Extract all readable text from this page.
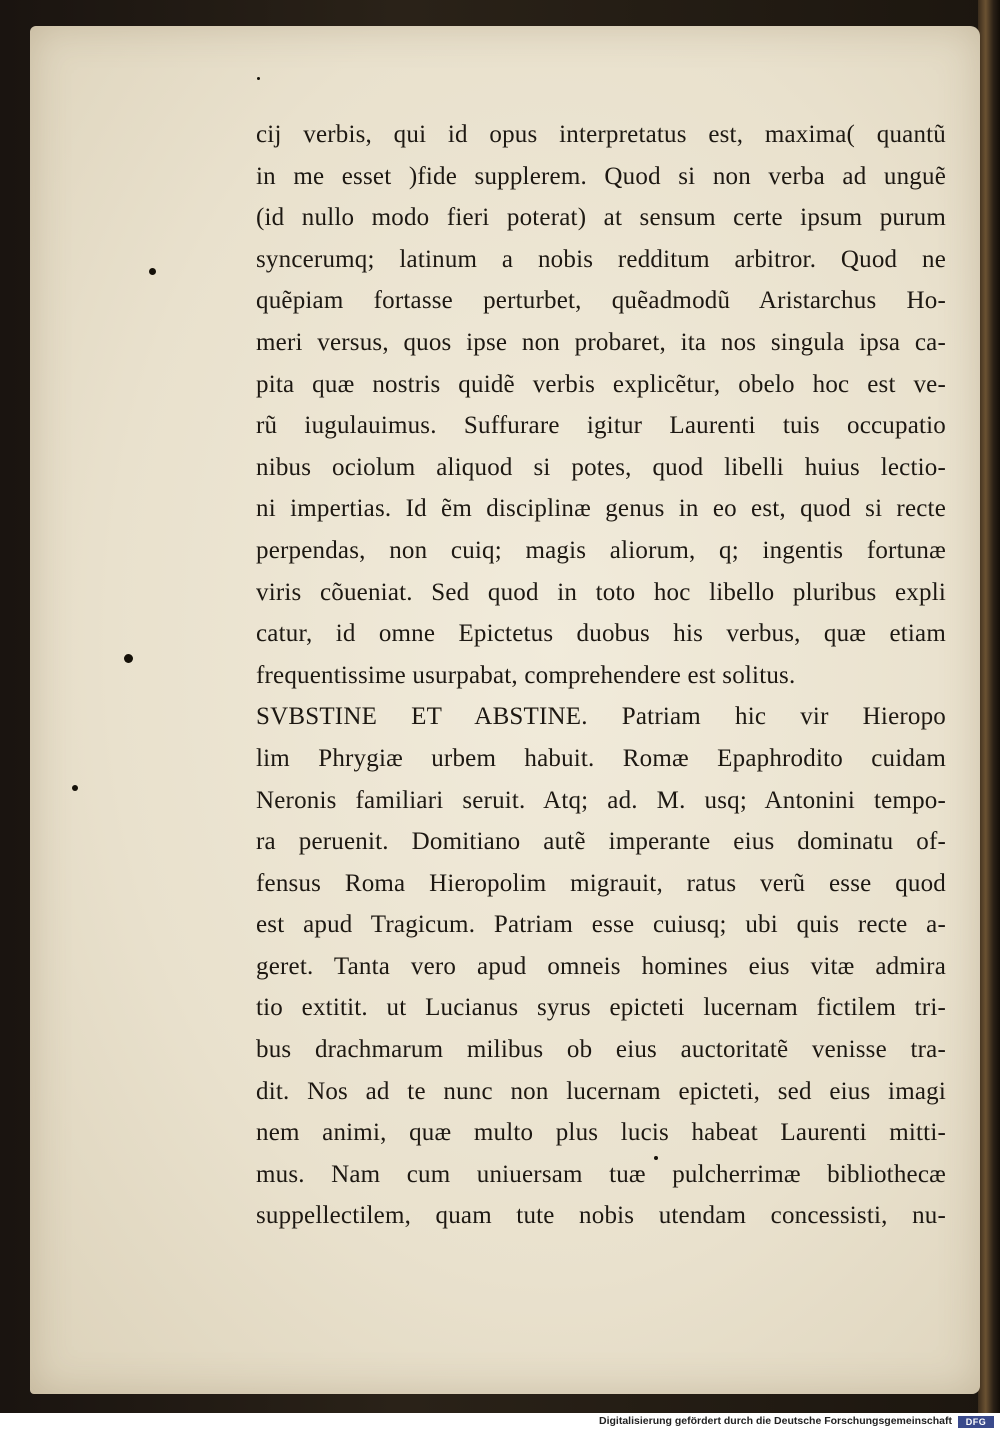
cij verbis, qui id opus interpretatus est, maxima( quantũ
in me esset )fide supplerem. Quod si non verba ad unguẽ
(id nullo modo fieri poterat) at sensum certe ipsum purum
syncerumq; latinum a nobis redditum arbitror. Quod ne
quẽpiam fortasse perturbet, quẽadmodũ Aristarchus Ho-
meri versus, quos ipse non probaret, ita nos singula ipsa ca-
pita quæ nostris quidẽ verbis explicẽtur, obelo hoc est ve-
rũ iugulauimus. Suffurare igitur Laurenti tuis occupatio
nibus ociolum aliquod si potes, quod libelli huius lectio-
ni impertias. Id ẽm disciplinæ genus in eo est, quod si recte
perpendas, non cuiq; magis aliorum, q; ingentis fortunæ
viris cõueniat. Sed quod in toto hoc libello pluribus expli
catur, id omne Epictetus duobus his verbus, quæ etiam
frequentissime usurpabat, comprehendere est solitus.
SVBSTINE ET ABSTINE. Patriam hic vir Hieropo
lim Phrygiæ urbem habuit. Romæ Epaphrodito cuidam
Neronis familiari seruit. Atq; ad. M. usq; Antonini tempo-
ra peruenit. Domitiano autẽ imperante eius dominatu of-
fensus Roma Hieropolim migrauit, ratus verũ esse quod
est apud Tragicum. Patriam esse cuiusq; ubi quis recte a-
geret. Tanta vero apud omneis homines eius vitæ admira
tio extitit. ut Lucianus syrus epicteti lucernam fictilem tri-
bus drachmarum milibus ob eius auctoritatẽ venisse tra-
dit. Nos ad te nunc non lucernam epicteti, sed eius imagi
nem animi, quæ multo plus lucis habeat Laurenti mitti-
mus. Nam cum uniuersam tuæ pulcherrimæ bibliothecæ
suppellectilem, quam tute nobis utendam concessisti, nu-
Digitalisierung gefördert durch die Deutsche Forschungsgemeinschaft	DFG
